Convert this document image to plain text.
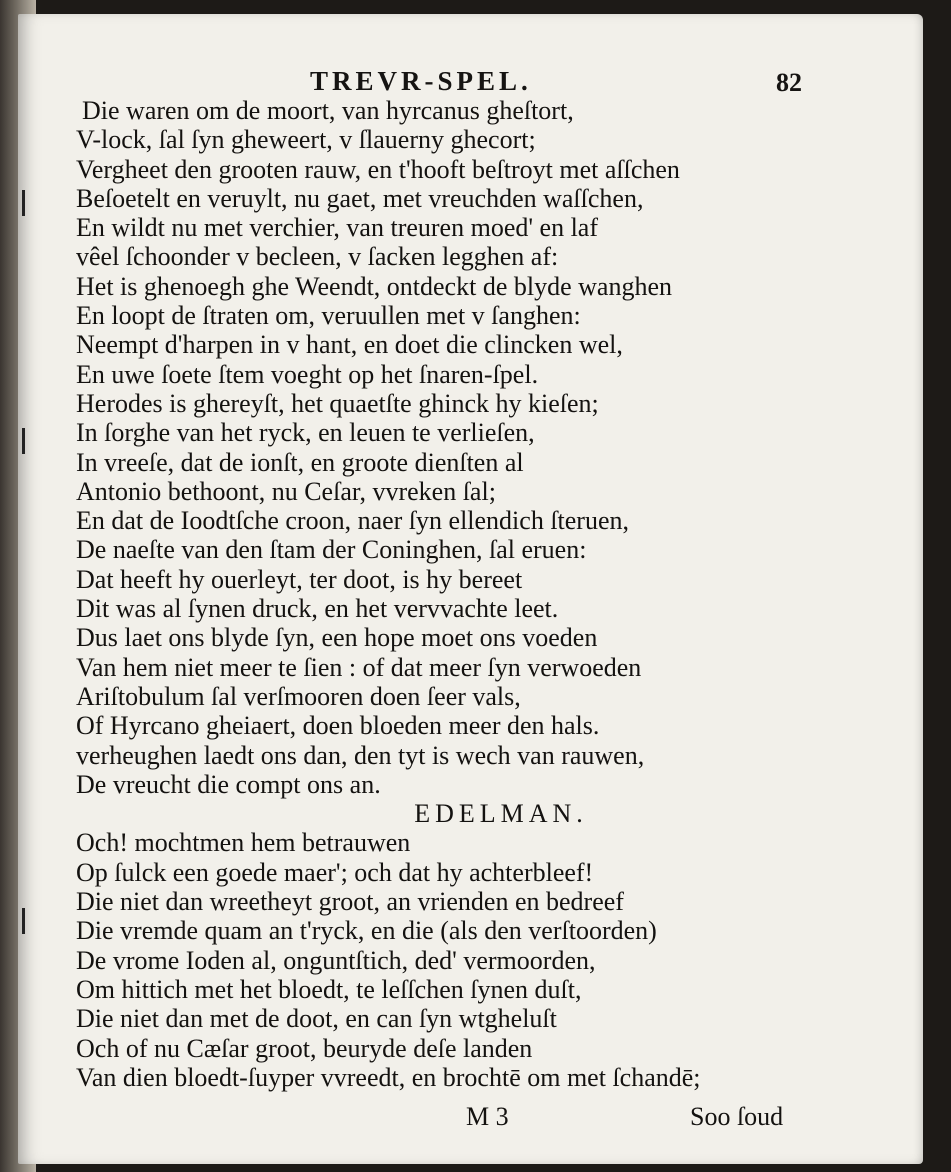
TREVR-SPEL.	82
Die waren om de moort, van hyrcanus gheſtort,
V-lock, ſal ſyn gheweert, v ſlauerny ghecort;
Vergheet den grooten rauw, en t'hooft beſtroyt met aſſchen
Beſoetelt en veruylt, nu gaet, met vreuchden waſſchen,
En wildt nu met verchier, van treuren moed' en laf
vêel ſchoonder v becleen, v ſacken legghen af:
Het is ghenoegh ghe Weendt, ontdeckt de blyde wanghen
En loopt de ſtraten om, veruullen met v ſanghen:
Neempt d'harpen in v hant, en doet die clincken wel,
En uwe ſoete ſtem voeght op het ſnaren-ſpel.
Herodes is ghereyſt, het quaetſte ghinck hy kieſen;
In ſorghe van het ryck, en leuen te verlieſen,
In vreeſe, dat de ionſt, en groote dienſten al
Antonio bethoont, nu Ceſar, vvreken ſal;
En dat de Ioodtſche croon, naer ſyn ellendich ſteruen,
De naeſte van den ſtam der Coninghen, ſal eruen:
Dat heeft hy ouerleyt, ter doot, is hy bereet
Dit was al ſynen druck, en het vervvachte leet.
Dus laet ons blyde ſyn, een hope moet ons voeden
Van hem niet meer te ſien : of dat meer ſyn verwoeden
Ariſtobulum ſal verſmooren doen ſeer vals,
Of Hyrcano gheiaert, doen bloeden meer den hals.
verheughen laedt ons dan, den tyt is wech van rauwen,
De vreucht die compt ons an.
EDELMAN.
Och! mochtmen hem betrauwen
Op ſulck een goede maer'; och dat hy achterbleef!
Die niet dan wreetheyt groot, an vrienden en bedreef
Die vremde quam an t'ryck, en die (als den verſtoorden)
De vrome Ioden al, onguntſtich, ded' vermoorden,
Om hittich met het bloedt, te leſſchen ſynen duſt,
Die niet dan met de doot, en can ſyn wtgheluſt
Och of nu Cæſar groot, beuryde deſe landen
Van dien bloedt-ſuyper vvreedt, en brochtē om met ſchandē;
M 3	Soo ſoud
